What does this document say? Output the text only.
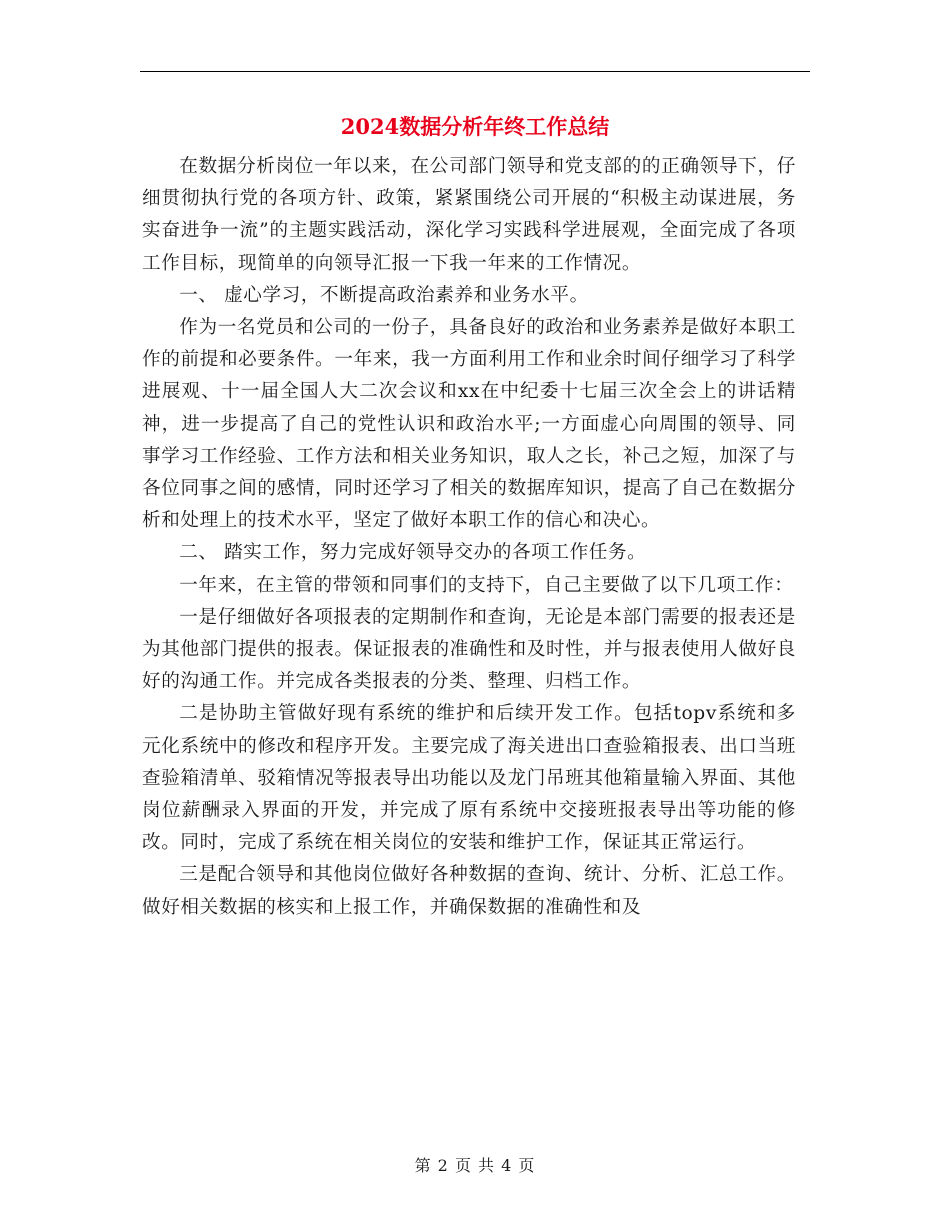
2024数据分析年终工作总结

在数据分析岗位一年以来，在公司部门领导和党支部的的正确领导下，仔细贯彻执行党的各项方针、政策，紧紧围绕公司开展的“积极主动谋进展，务实奋进争一流”的主题实践活动，深化学习实践科学进展观，全面完成了各项工作目标，现简单的向领导汇报一下我一年来的工作情况。

一、 虚心学习，不断提高政治素养和业务水平。

作为一名党员和公司的一份子，具备良好的政治和业务素养是做好本职工作的前提和必要条件。一年来，我一方面利用工作和业余时间仔细学习了科学进展观、十一届全国人大二次会议和xx在中纪委十七届三次全会上的讲话精神，进一步提高了自己的党性认识和政治水平;一方面虚心向周围的领导、同事学习工作经验、工作方法和相关业务知识，取人之长，补己之短，加深了与各位同事之间的感情，同时还学习了相关的数据库知识，提高了自己在数据分析和处理上的技术水平，坚定了做好本职工作的信心和决心。

二、 踏实工作，努力完成好领导交办的各项工作任务。

一年来，在主管的带领和同事们的支持下，自己主要做了以下几项工作：

一是仔细做好各项报表的定期制作和查询，无论是本部门需要的报表还是为其他部门提供的报表。保证报表的准确性和及时性，并与报表使用人做好良好的沟通工作。并完成各类报表的分类、整理、归档工作。

二是协助主管做好现有系统的维护和后续开发工作。包括topv系统和多元化系统中的修改和程序开发。主要完成了海关进出口查验箱报表、出口当班查验箱清单、驳箱情况等报表导出功能以及龙门吊班其他箱量输入界面、其他岗位薪酬录入界面的开发，并完成了原有系统中交接班报表导出等功能的修改。同时，完成了系统在相关岗位的安装和维护工作，保证其正常运行。

三是配合领导和其他岗位做好各种数据的查询、统计、分析、汇总工作。做好相关数据的核实和上报工作，并确保数据的准确性和及

第 2 页 共 4 页
